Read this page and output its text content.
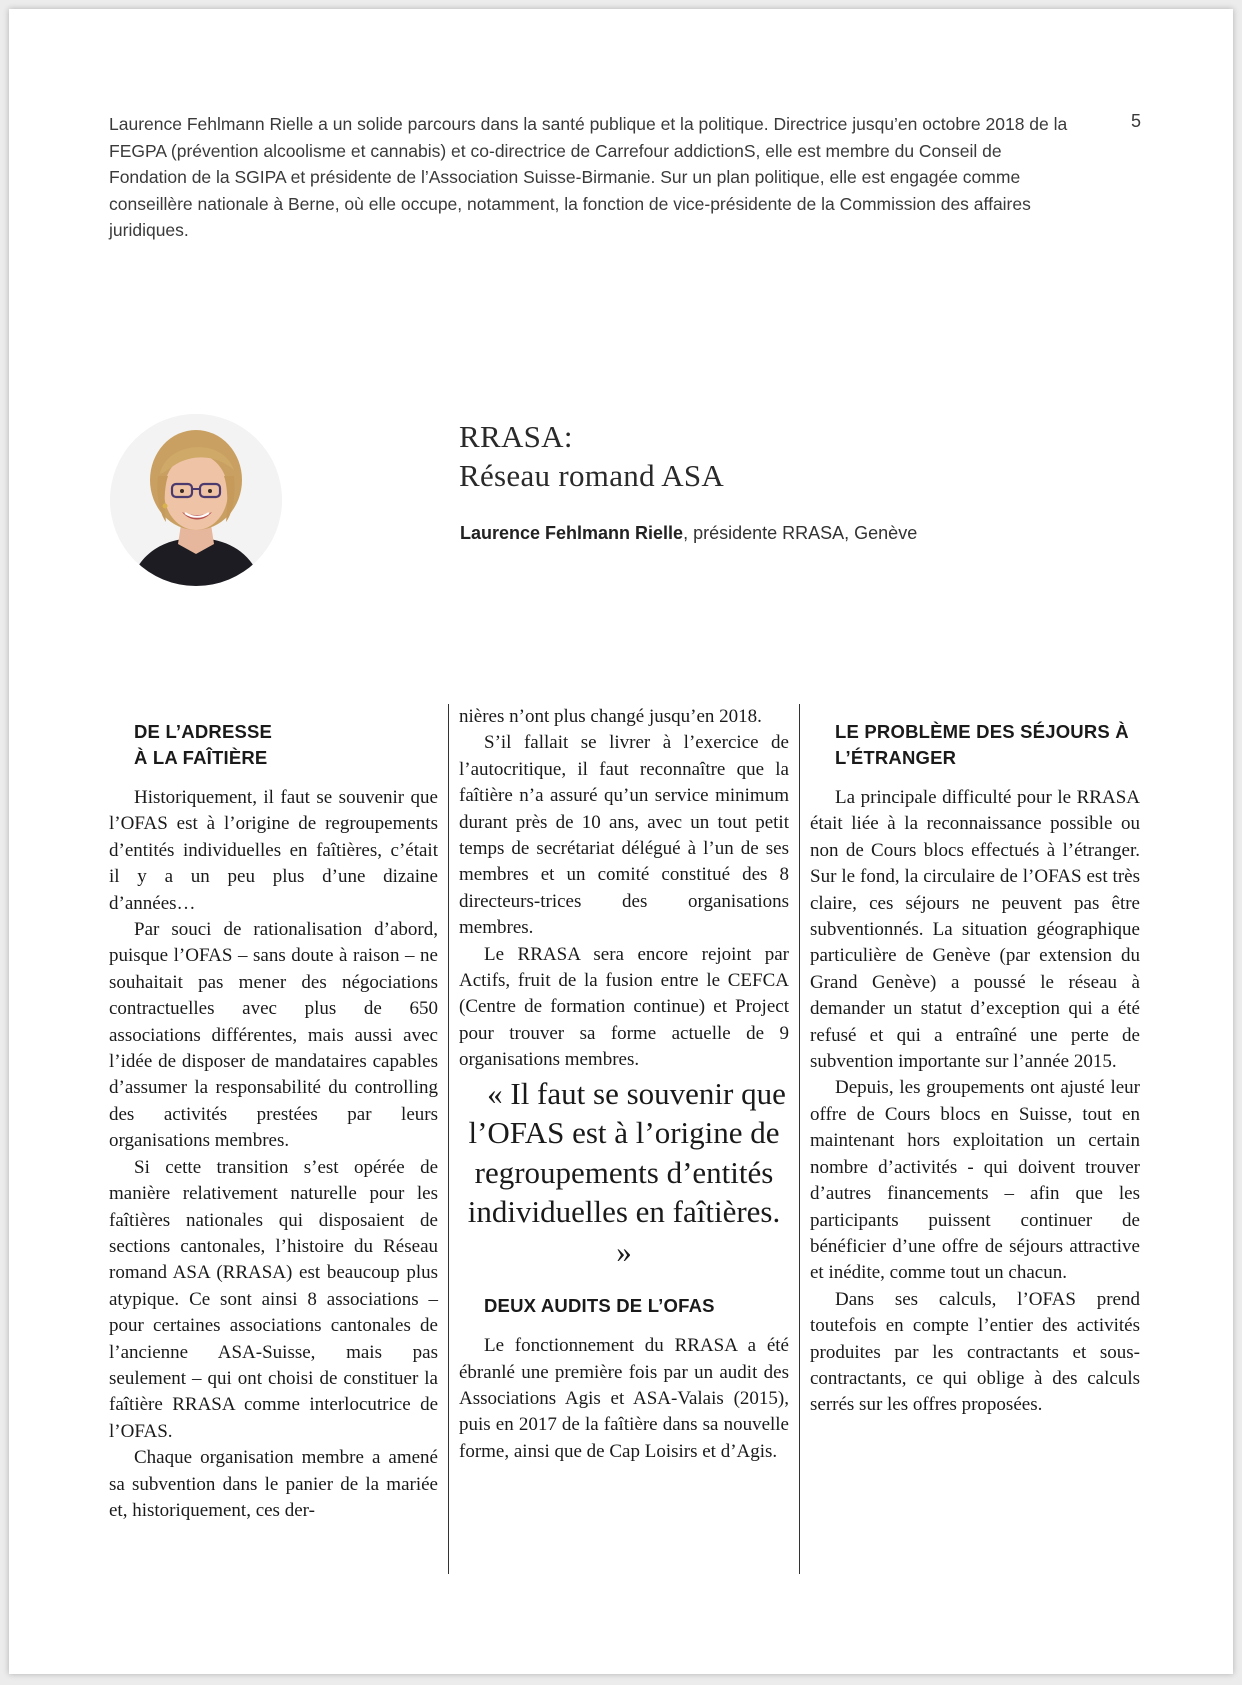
Laurence Fehlmann Rielle a un solide parcours dans la santé publique et la politique. Directrice jusqu’en octobre 2018 de la FEGPA (prévention alcoolisme et cannabis) et co-directrice de Carrefour addictionS, elle est membre du Conseil de Fondation de la SGIPA et présidente de l’Association Suisse-Birmanie. Sur un plan politique, elle est engagée comme conseillère nationale à Berne, où elle occupe, notamment, la fonction de vice-présidente de la Commission des affaires juridiques.

5
RRASA:
Réseau romand ASA
Laurence Fehlmann Rielle, présidente RRASA, Genève
DE L’ADRESSE
À LA FAÎTIÈRE

Historiquement, il faut se souvenir que l’OFAS est à l’origine de regroupements d’entités individuelles en faîtières, c’était il y a un peu plus d’une dizaine d’années…

Par souci de rationalisation d’abord, puisque l’OFAS – sans doute à raison – ne souhaitait pas mener des négociations contractuelles avec plus de 650 associations différentes, mais aussi avec l’idée de disposer de mandataires capables d’assumer la responsabilité du controlling des activités prestées par leurs organisations membres.

Si cette transition s’est opérée de manière relativement naturelle pour les faîtières nationales qui disposaient de sections cantonales, l’histoire du Réseau romand ASA (RRASA) est beaucoup plus atypique. Ce sont ainsi 8 associations – pour certaines associations cantonales de l’ancienne ASA-Suisse, mais pas seulement – qui ont choisi de constituer la faîtière RRASA comme interlocutrice de l’OFAS.

Chaque organisation membre a amené sa subvention dans le panier de la mariée et, historiquement, ces der-

nières n’ont plus changé jusqu’en 2018.

S’il fallait se livrer à l’exercice de l’autocritique, il faut reconnaître que la faîtière n’a assuré qu’un service minimum durant près de 10 ans, avec un tout petit temps de secrétariat délégué à l’un de ses membres et un comité constitué des 8 directeurs-trices des organisations membres.

Le RRASA sera encore rejoint par Actifs, fruit de la fusion entre le CEFCA (Centre de formation continue) et Project pour trouver sa forme actuelle de 9 organisations membres.

« Il faut se souvenir que l’OFAS est à l’origine de regroupements d’entités individuelles en faîtières. »

DEUX AUDITS DE L’OFAS

Le fonctionnement du RRASA a été ébranlé une première fois par un audit des Associations Agis et ASA-Valais (2015), puis en 2017 de la faîtière dans sa nouvelle forme, ainsi que de Cap Loisirs et d’Agis.

LE PROBLÈME DES SÉJOURS À
L’ÉTRANGER

La principale difficulté pour le RRASA était liée à la reconnaissance possible ou non de Cours blocs effectués à l’étranger. Sur le fond, la circulaire de l’OFAS est très claire, ces séjours ne peuvent pas être subventionnés. La situation géographique particulière de Genève (par extension du Grand Genève) a poussé le réseau à demander un statut d’exception qui a été refusé et qui a entraîné une perte de subvention importante sur l’année 2015.

Depuis, les groupements ont ajusté leur offre de Cours blocs en Suisse, tout en maintenant hors exploitation un certain nombre d’activités - qui doivent trouver d’autres financements – afin que les participants puissent continuer de bénéficier d’une offre de séjours attractive et inédite, comme tout un chacun.

Dans ses calculs, l’OFAS prend toutefois en compte l’entier des activités produites par les contractants et sous-contractants, ce qui oblige à des calculs serrés sur les offres proposées.
